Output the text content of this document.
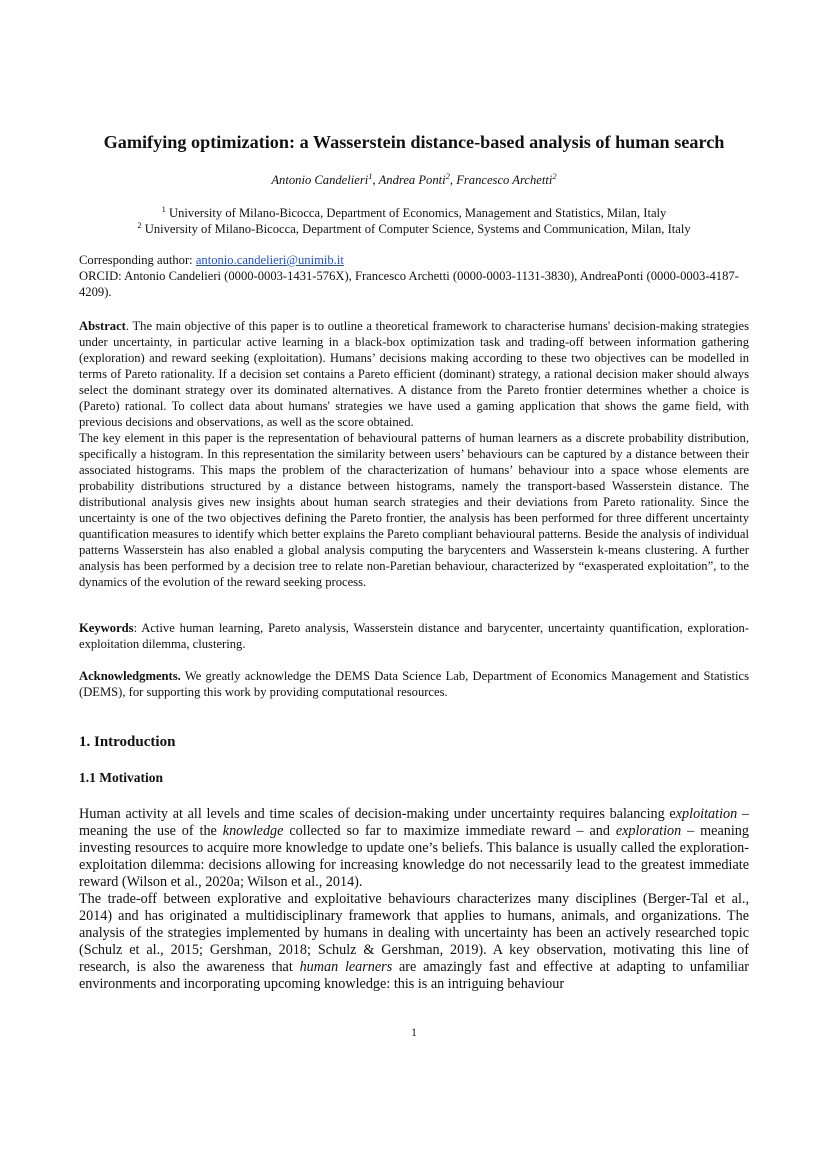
Gamifying optimization: a Wasserstein distance-based analysis of human search
Antonio Candelieri$^1$, Andrea Ponti$^2$, Francesco Archetti$^2$
$^1$ University of Milano-Bicocca, Department of Economics, Management and Statistics, Milan, Italy
$^2$ University of Milano-Bicocca, Department of Computer Science, Systems and Communication, Milan, Italy
Corresponding author: antonio.candelieri@unimib.it
ORCID: Antonio Candelieri (0000-0003-1431-576X), Francesco Archetti (0000-0003-1131-3830), AndreaPonti (0000-0003-4187-4209).
Abstract. The main objective of this paper is to outline a theoretical framework to characterise humans' decision-making strategies under uncertainty, in particular active learning in a black-box optimization task and trading-off between information gathering (exploration) and reward seeking (exploitation). Humans’ decisions making according to these two objectives can be modelled in terms of Pareto rationality. If a decision set contains a Pareto efficient (dominant) strategy, a rational decision maker should always select the dominant strategy over its dominated alternatives. A distance from the Pareto frontier determines whether a choice is (Pareto) rational. To collect data about humans' strategies we have used a gaming application that shows the game field, with previous decisions and observations, as well as the score obtained.
The key element in this paper is the representation of behavioural patterns of human learners as a discrete probability distribution, specifically a histogram. In this representation the similarity between users’ behaviours can be captured by a distance between their associated histograms. This maps the problem of the characterization of humans’ behaviour into a space whose elements are probability distributions structured by a distance between histograms, namely the transport-based Wasserstein distance. The distributional analysis gives new insights about human search strategies and their deviations from Pareto rationality. Since the uncertainty is one of the two objectives defining the Pareto frontier, the analysis has been performed for three different uncertainty quantification measures to identify which better explains the Pareto compliant behavioural patterns. Beside the analysis of individual patterns Wasserstein has also enabled a global analysis computing the barycenters and Wasserstein k-means clustering. A further analysis has been performed by a decision tree to relate non-Paretian behaviour, characterized by “exasperated exploitation”, to the dynamics of the evolution of the reward seeking process.
Keywords: Active human learning, Pareto analysis, Wasserstein distance and barycenter, uncertainty quantification, exploration-exploitation dilemma, clustering.
Acknowledgments. We greatly acknowledge the DEMS Data Science Lab, Department of Economics Management and Statistics (DEMS), for supporting this work by providing computational resources.
1. Introduction
1.1 Motivation

Human activity at all levels and time scales of decision-making under uncertainty requires balancing exploitation – meaning the use of the knowledge collected so far to maximize immediate reward – and exploration – meaning investing resources to acquire more knowledge to update one’s beliefs. This balance is usually called the exploration-exploitation dilemma: decisions allowing for increasing knowledge do not necessarily lead to the greatest immediate reward (Wilson et al., 2020a; Wilson et al., 2014).

The trade-off between explorative and exploitative behaviours characterizes many disciplines (Berger-Tal et al., 2014) and has originated a multidisciplinary framework that applies to humans, animals, and organizations. The analysis of the strategies implemented by humans in dealing with uncertainty has been an actively researched topic (Schulz et al., 2015; Gershman, 2018; Schulz & Gershman, 2019). A key observation, motivating this line of research, is also the awareness that human learners are amazingly fast and effective at adapting to unfamiliar environments and incorporating upcoming knowledge: this is an intriguing behaviour

1
